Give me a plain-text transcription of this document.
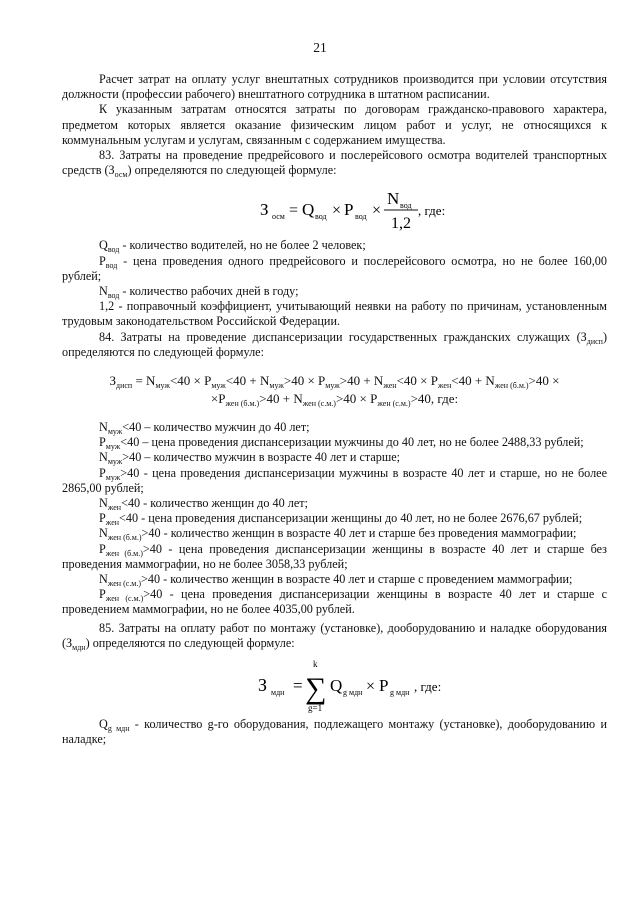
21

Расчет затрат на оплату услуг внештатных сотрудников производится при условии отсутствия должности (профессии рабочего) внештатного сотрудника в штатном расписании.

К указанным затратам относятся затраты по договорам гражданско-правового характера, предметом которых является оказание физическим лицом работ и услуг, не относящихся к коммунальным услугам и услугам, связанным с содержанием имущества.

83. Затраты на проведение предрейсового и послерейсового осмотра водителей транспортных средств $(З_{осм})$ определяются по следующей формуле:

З осм = Q вод × P вод ×
N вод
1,2
, где:

$Q_{вод}$ - количество водителей, но не более 2 человек;

$P_{вод}$ - цена проведения одного предрейсового и послерейсового осмотра, но не более 160,00 рублей;

$N_{вод}$ - количество рабочих дней в году;

1,2 - поправочный коэффициент, учитывающий неявки на работу по причинам, установленным трудовым законодательством Российской Федерации.

84. Затраты на проведение диспансеризации государственных гражданских служащих $(З_{дисп})$ определяются по следующей формуле:

$З_{дисп} = N_{муж}<40 \times P_{муж}<40 + N_{муж}>40 \times P_{муж}>40 + N_{жен}<40 \times P_{жен}<40 + N_{жен (б.м.)}>40$ ×
$\times P_{жен (б.м.)}>40 + N_{жен (с.м.)}>40 \times P_{жен (с.м.)}>40$, где:

$N_{муж}<40$ – количество мужчин до 40 лет;

$P_{муж}<40$ – цена проведения диспансеризации мужчины до 40 лет, но не более 2488,33 рублей;

$N_{муж}>40$ – количество мужчин в возрасте 40 лет и старше;

$P_{муж}>40$ - цена проведения диспансеризации мужчины в возрасте 40 лет и старше, но не более 2865,00 рублей;

$N_{жен}<40$ - количество женщин до 40 лет;

$P_{жен}<40$ - цена проведения диспансеризации женщины до 40 лет, но не более 2676,67 рублей;

$N_{жен (б.м.)}>40$ - количество женщин в возрасте 40 лет и старше без проведения маммографии;

$P_{жен (б.м.)}>40$ - цена проведения диспансеризации женщины в возрасте 40 лет и старше без проведения маммографии, но не более 3058,33 рублей;

$N_{жен (с.м.)}>40$ - количество женщин в возрасте 40 лет и старше с проведением маммографии;

$P_{жен (с.м.)}>40$ - цена проведения диспансеризации женщины в возрасте 40 лет и старше с проведением маммографии, но не более 4035,00 рублей.

85. Затраты на оплату работ по монтажу (установке), дооборудованию и наладке оборудования $(З_{мдн})$ определяются по следующей формуле:

З мдн =
k
∑
g=1
Q g мдн × P g мдн , где:

$Q_{g мдн}$ - количество g-го оборудования, подлежащего монтажу (установке), дооборудованию и наладке;
